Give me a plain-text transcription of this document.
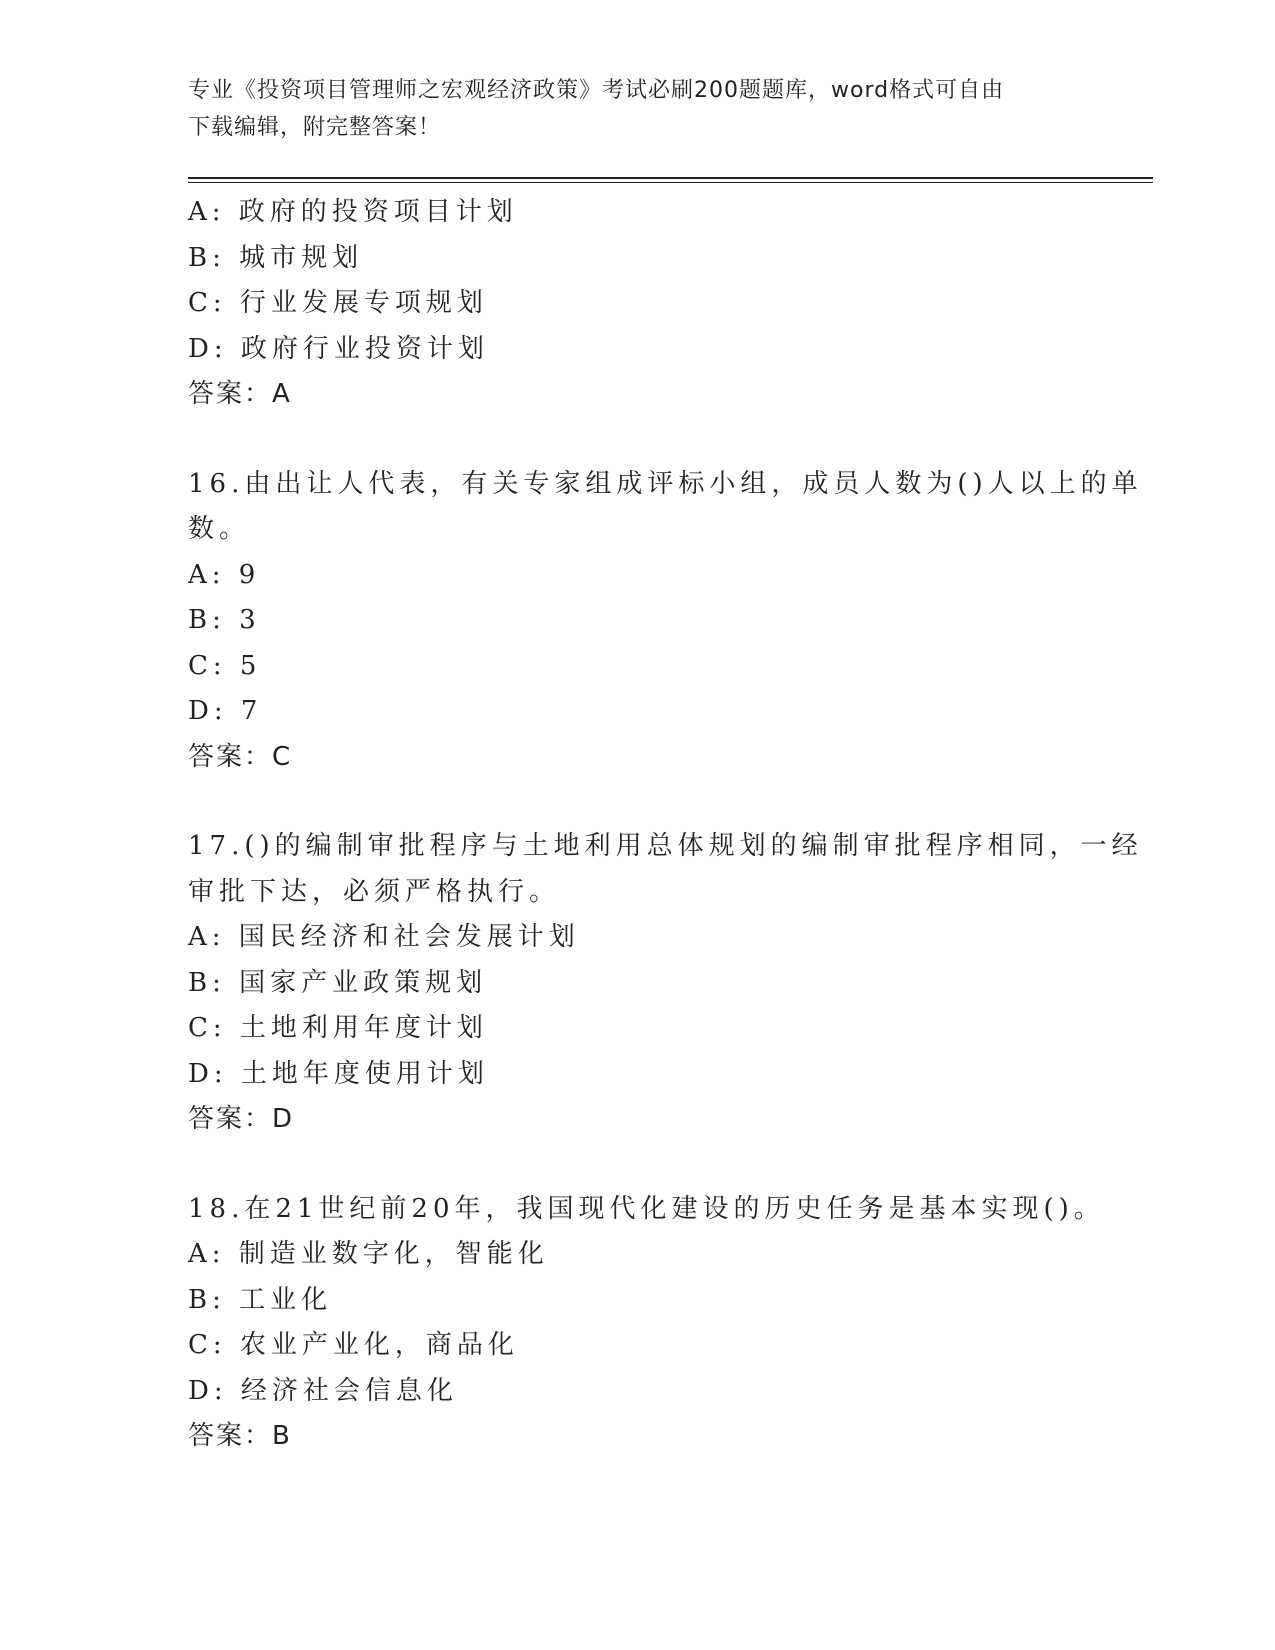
专业《投资项目管理师之宏观经济政策》考试必刷200题题库，word格式可自由
下载编辑，附完整答案！
A: 政府的投资项目计划
B: 城市规划
C: 行业发展专项规划
D: 政府行业投资计划
答案：A
16.由出让人代表，有关专家组成评标小组，成员人数为()人以上的单
数。
A: 9
B: 3
C: 5
D: 7
答案：C
17.()的编制审批程序与土地利用总体规划的编制审批程序相同，一经
审批下达，必须严格执行。
A: 国民经济和社会发展计划
B: 国家产业政策规划
C: 土地利用年度计划
D: 土地年度使用计划
答案：D
18.在21世纪前20年，我国现代化建设的历史任务是基本实现()。
A: 制造业数字化，智能化
B: 工业化
C: 农业产业化，商品化
D: 经济社会信息化
答案：B
